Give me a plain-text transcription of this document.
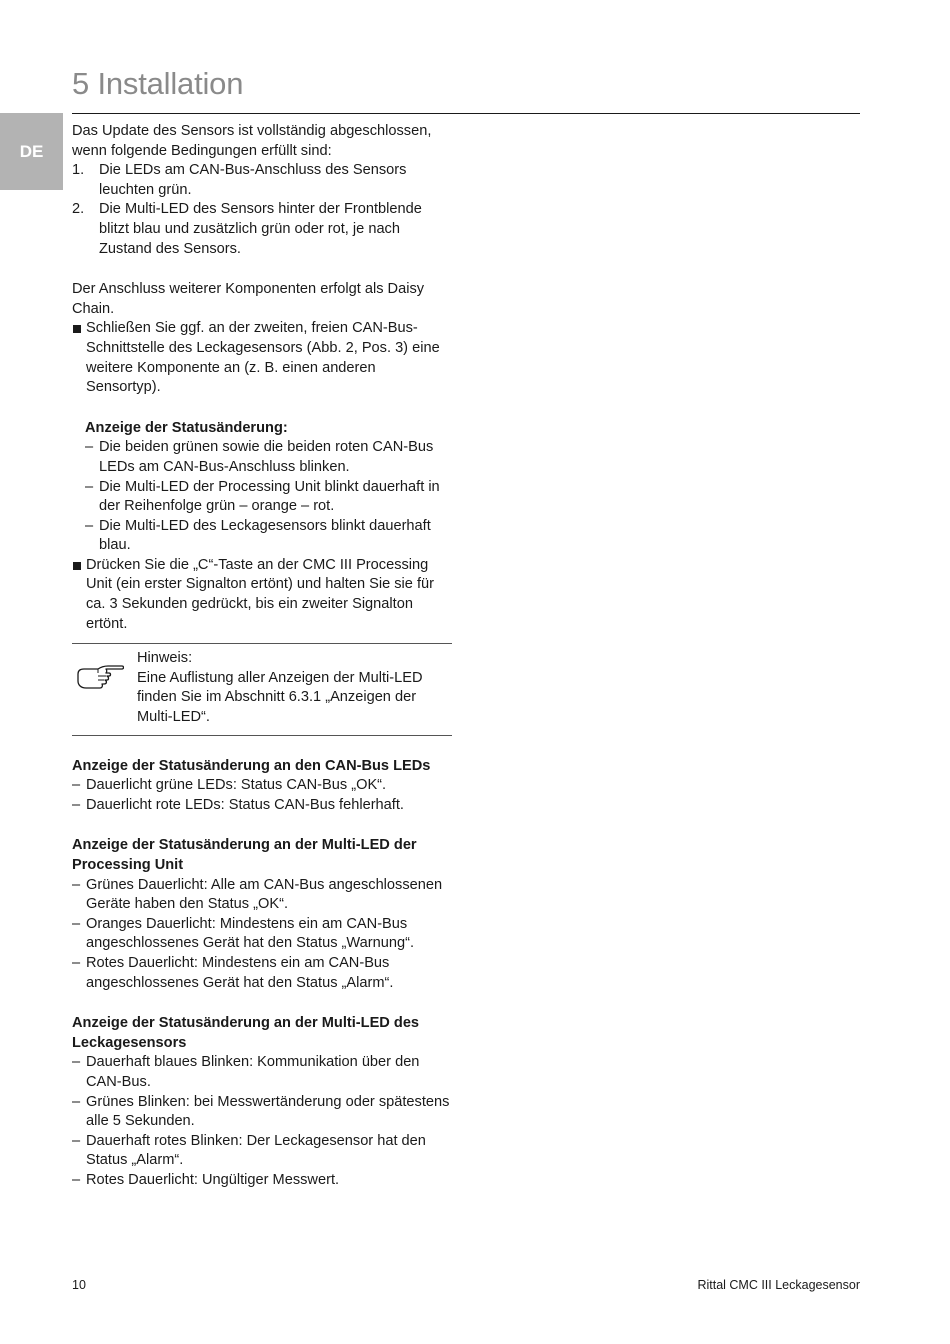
5 Installation
DE

Das Update des Sensors ist vollständig abgeschlossen, wenn folgende Bedingungen erfüllt sind:

1. Die LEDs am CAN-Bus-Anschluss des Sensors leuchten grün.
2. Die Multi-LED des Sensors hinter der Frontblende blitzt blau und zusätzlich grün oder rot, je nach Zustand des Sensors.

Der Anschluss weiterer Komponenten erfolgt als Daisy Chain.

Schließen Sie ggf. an der zweiten, freien CAN-Bus-Schnittstelle des Leckagesensors (Abb. 2, Pos. 3) eine weitere Komponente an (z. B. einen anderen Sensortyp).

Anzeige der Statusänderung:

– Die beiden grünen sowie die beiden roten CAN-Bus LEDs am CAN-Bus-Anschluss blinken.
– Die Multi-LED der Processing Unit blinkt dauerhaft in der Reihenfolge grün – orange – rot.
– Die Multi-LED des Leckagesensors blinkt dauerhaft blau.
Drücken Sie die „C“-Taste an der CMC III Processing Unit (ein erster Signalton ertönt) und halten Sie sie für ca. 3 Sekunden gedrückt, bis ein zweiter Signalton ertönt.

Hinweis:

Eine Auflistung aller Anzeigen der Multi-LED finden Sie im Abschnitt 6.3.1 „Anzeigen der Multi-LED“.

Anzeige der Statusänderung an den CAN-Bus LEDs

– Dauerlicht grüne LEDs: Status CAN-Bus „OK“.
– Dauerlicht rote LEDs: Status CAN-Bus fehlerhaft.

Anzeige der Statusänderung an der Multi-LED der Processing Unit

– Grünes Dauerlicht: Alle am CAN-Bus angeschlossenen Geräte haben den Status „OK“.
– Oranges Dauerlicht: Mindestens ein am CAN-Bus angeschlossenes Gerät hat den Status „Warnung“.
– Rotes Dauerlicht: Mindestens ein am CAN-Bus angeschlossenes Gerät hat den Status „Alarm“.

Anzeige der Statusänderung an der Multi-LED des Leckagesensors

– Dauerhaft blaues Blinken: Kommunikation über den CAN-Bus.
– Grünes Blinken: bei Messwertänderung oder spätestens alle 5 Sekunden.
– Dauerhaft rotes Blinken: Der Leckagesensor hat den Status „Alarm“.
– Rotes Dauerlicht: Ungültiger Messwert.
10	Rittal CMC III Leckagesensor
